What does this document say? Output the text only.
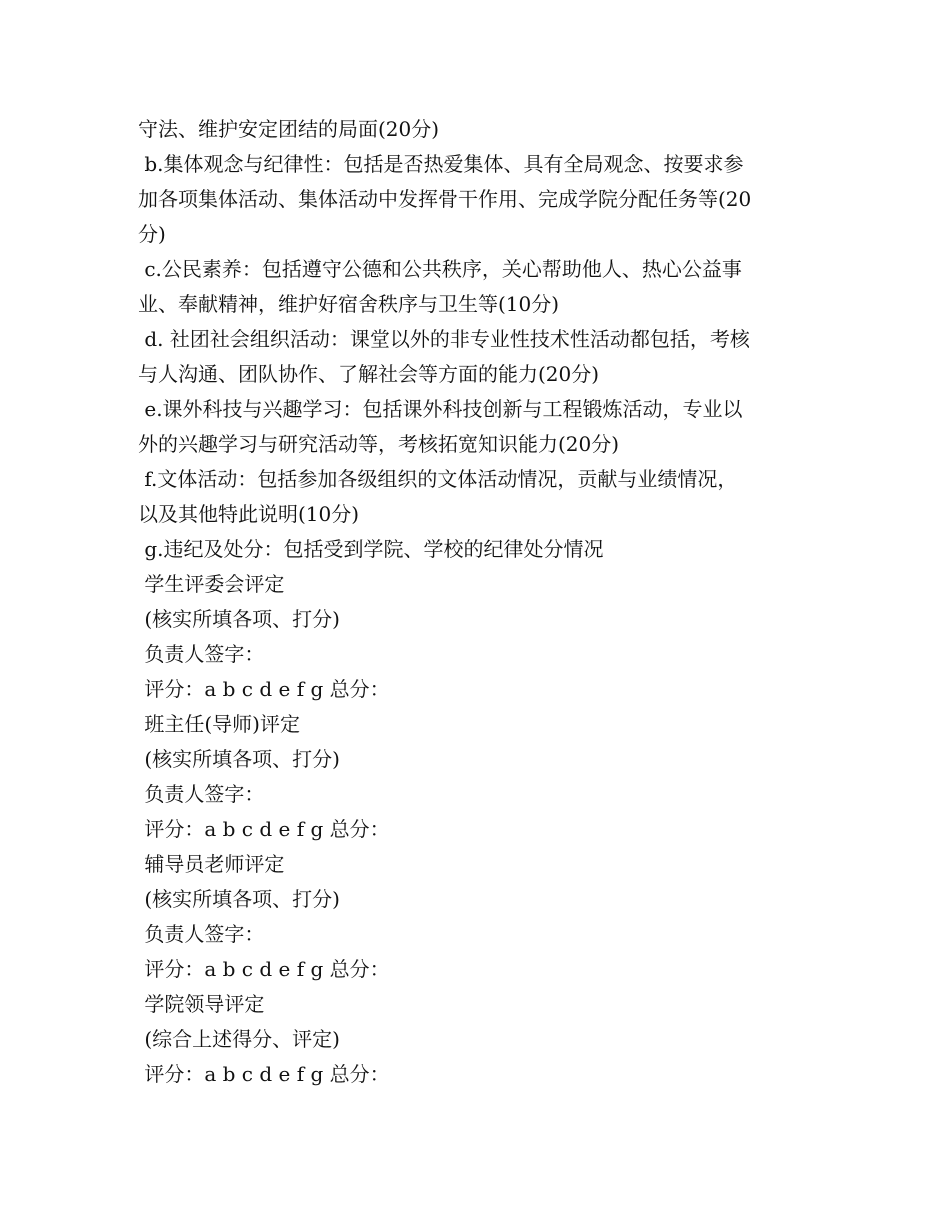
守法、维护安定团结的局面(20分)
b.集体观念与纪律性：包括是否热爱集体、具有全局观念、按要求参
加各项集体活动、集体活动中发挥骨干作用、完成学院分配任务等(20
分)
c.公民素养：包括遵守公德和公共秩序，关心帮助他人、热心公益事
业、奉献精神，维护好宿舍秩序与卫生等(10分)
d. 社团社会组织活动：课堂以外的非专业性技术性活动都包括，考核
与人沟通、团队协作、了解社会等方面的能力(20分)
e.课外科技与兴趣学习：包括课外科技创新与工程锻炼活动，专业以
外的兴趣学习与研究活动等，考核拓宽知识能力(20分)
f.文体活动：包括参加各级组织的文体活动情况，贡献与业绩情况，
以及其他特此说明(10分)
g.违纪及处分：包括受到学院、学校的纪律处分情况
学生评委会评定
(核实所填各项、打分)
负责人签字：
评分：a b c d e f g 总分：
班主任(导师)评定
(核实所填各项、打分)
负责人签字：
评分：a b c d e f g 总分：
辅导员老师评定
(核实所填各项、打分)
负责人签字：
评分：a b c d e f g 总分：
学院领导评定
(综合上述得分、评定)
评分：a b c d e f g 总分：
